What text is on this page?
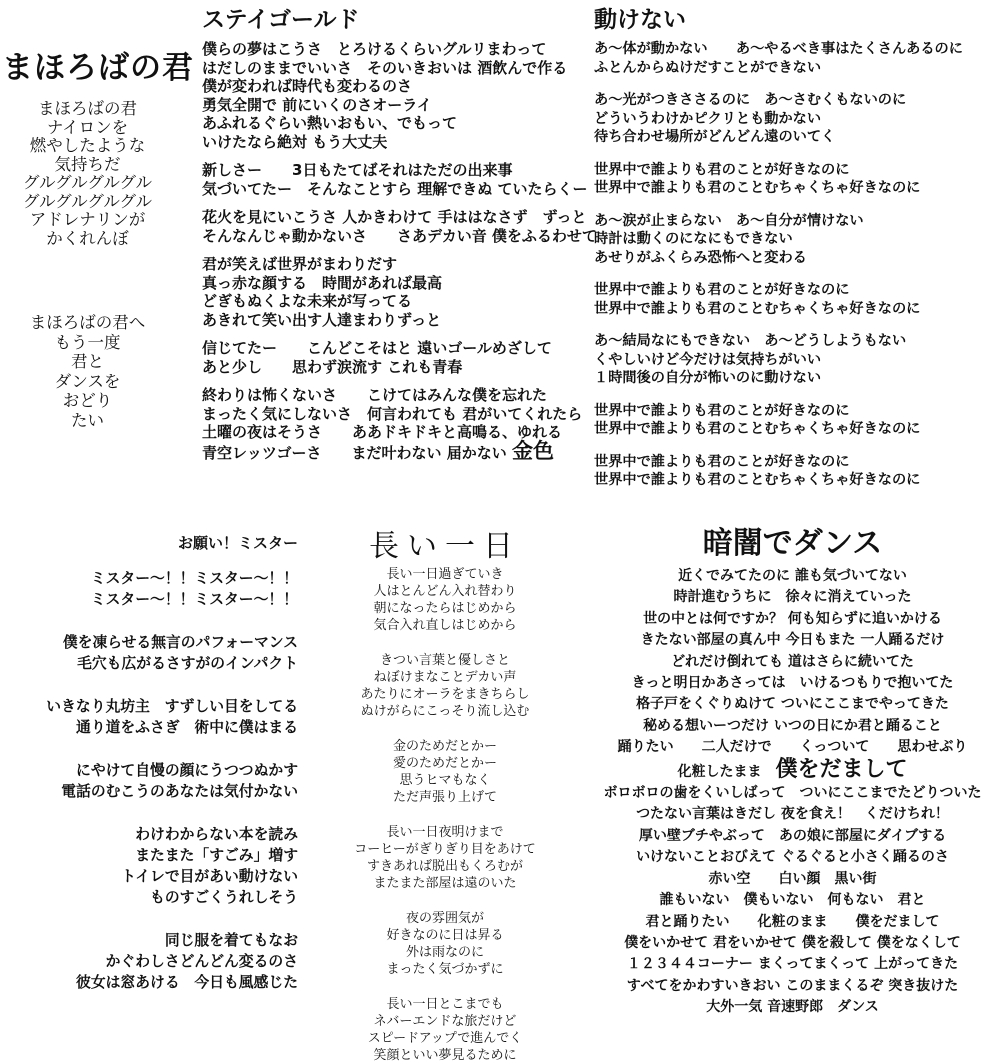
まほろばの君
まほろばの君
ナイロンを
燃やしたような
気持ちだ
グルグルグルグル
グルグルグルグル
アドレナリンが
かくれんぼ
まほろばの君へ
もう一度
君と
ダンスを
おどり
たい
ステイゴールド
僕らの夢はこうさ　とろけるくらいグルリまわって
はだしのままでいいさ　そのいきおいは 酒飲んで作る
僕が変われば時代も変わるのさ
勇気全開で 前にいくのさオーライ
あふれるぐらい熱いおもい、でもって
いけたなら絶対 もう大丈夫
新しさー　　3日もたてばそれはただの出来事
気づいてたー　そんなことすら 理解できぬ ていたらくー
花火を見にいこうさ 人かきわけて 手ははなさず　ずっと
そんなんじゃ動かないさ　　さあデカい音 僕をふるわせて
君が笑えば世界がまわりだす
真っ赤な顔する　時間があれば最高
どぎもぬくよな未来が写ってる
あきれて笑い出す人達まわりずっと
信じてたー　　こんどこそはと 遠いゴールめざして
あと少し　　思わず涙流す これも青春
終わりは怖くないさ　　こけてはみんな僕を忘れた
まったく気にしないさ　何言われても 君がいてくれたら
土曜の夜はそうさ　　ああドキドキと高鳴る、ゆれる
青空レッツゴーさ　　まだ叶わない 届かない 金色
動けない
あ～体が動かない　　あ～やるべき事はたくさんあるのに
ふとんからぬけだすことができない
あ～光がつきささるのに　あ～さむくもないのに
どういうわけかピクリとも動かない
待ち合わせ場所がどんどん遠のいてく
世界中で誰よりも君のことが好きなのに
世界中で誰よりも君のことむちゃくちゃ好きなのに
あ～涙が止まらない　あ～自分が情けない
時計は動くのになにもできない
あせりがふくらみ恐怖へと変わる
世界中で誰よりも君のことが好きなのに
世界中で誰よりも君のことむちゃくちゃ好きなのに
あ～結局なにもできない　あ～どうしようもない
くやしいけど今だけは気持ちがいい
１時間後の自分が怖いのに動けない
世界中で誰よりも君のことが好きなのに
世界中で誰よりも君のことむちゃくちゃ好きなのに
世界中で誰よりも君のことが好きなのに
世界中で誰よりも君のことむちゃくちゃ好きなのに
お願い！ミスター
ミスター～！！ミスター～！！
ミスター～！！ミスター～！！
僕を凍らせる無言のパフォーマンス
毛穴も広がるさすがのインパクト
いきなり丸坊主　すずしい目をしてる
通り道をふさぎ　術中に僕はまる
にやけて自慢の顔にうつつぬかす
電話のむこうのあなたは気付かない
わけわからない本を読み
またまた「すごみ」増す
トイレで目があい動けない
ものすごくうれしそう
同じ服を着てもなお
かぐわしさどんどん変るのさ
彼女は窓あける　今日も風感じた
長い一日
長い一日過ぎていき
人はとんどん入れ替わり
朝になったらはじめから
気合入れ直しはじめから
きつい言葉と優しさと
ねぼけまなことデカい声
あたりにオーラをまきちらし
ぬけがらにこっそり流し込む
金のためだとかー
愛のためだとかー
思うヒマもなく
ただ声張り上げて
長い一日夜明けまで
コーヒーがぎりぎり目をあけて
すきあれば脱出もくろむが
またまた部屋は遠のいた
夜の雰囲気が
好きなのに日は昇る
外は雨なのに
まったく気づかずに
長い一日とこまでも
ネバーエンドな旅だけど
スピードアップで進んでく
笑顔といい夢見るために
暗闇でダンス
近くでみてたのに 誰も気づいてない
時計進むうちに　徐々に消えていった
世の中とは何ですか？ 何も知らずに追いかける
きたない部屋の真ん中 今日もまた 一人踊るだけ
どれだけ倒れても 道はさらに続いてた
きっと明日かあさっては　いけるつもりで抱いてた
格子戸をくぐりぬけて ついにここまでやってきた
秘める想いーつだけ いつの日にか君と踊ること
踊りたい　　二人だけで　　くっついて　　思わせぶり
化粧したまま　僕をだまして
ボロボロの歯をくいしばって　ついにここまでたどりついた
つたない言葉はきだし 夜を食え！　くだけちれ！
厚い壁ブチやぶって　あの娘に部屋にダイブする
いけないことおびえて ぐるぐると小さく踊るのさ
赤い空　　白い顔　黒い街
誰もいない　僕もいない　何もない　君と
君と踊りたい　　化粧のまま　　僕をだまして
僕をいかせて 君をいかせて 僕を殺して 僕をなくして
１２３４４コーナー まくってまくって 上がってきた
すべてをかわすいきおい このままくるぞ 突き抜けた
大外一気 音速野郎　ダンス
